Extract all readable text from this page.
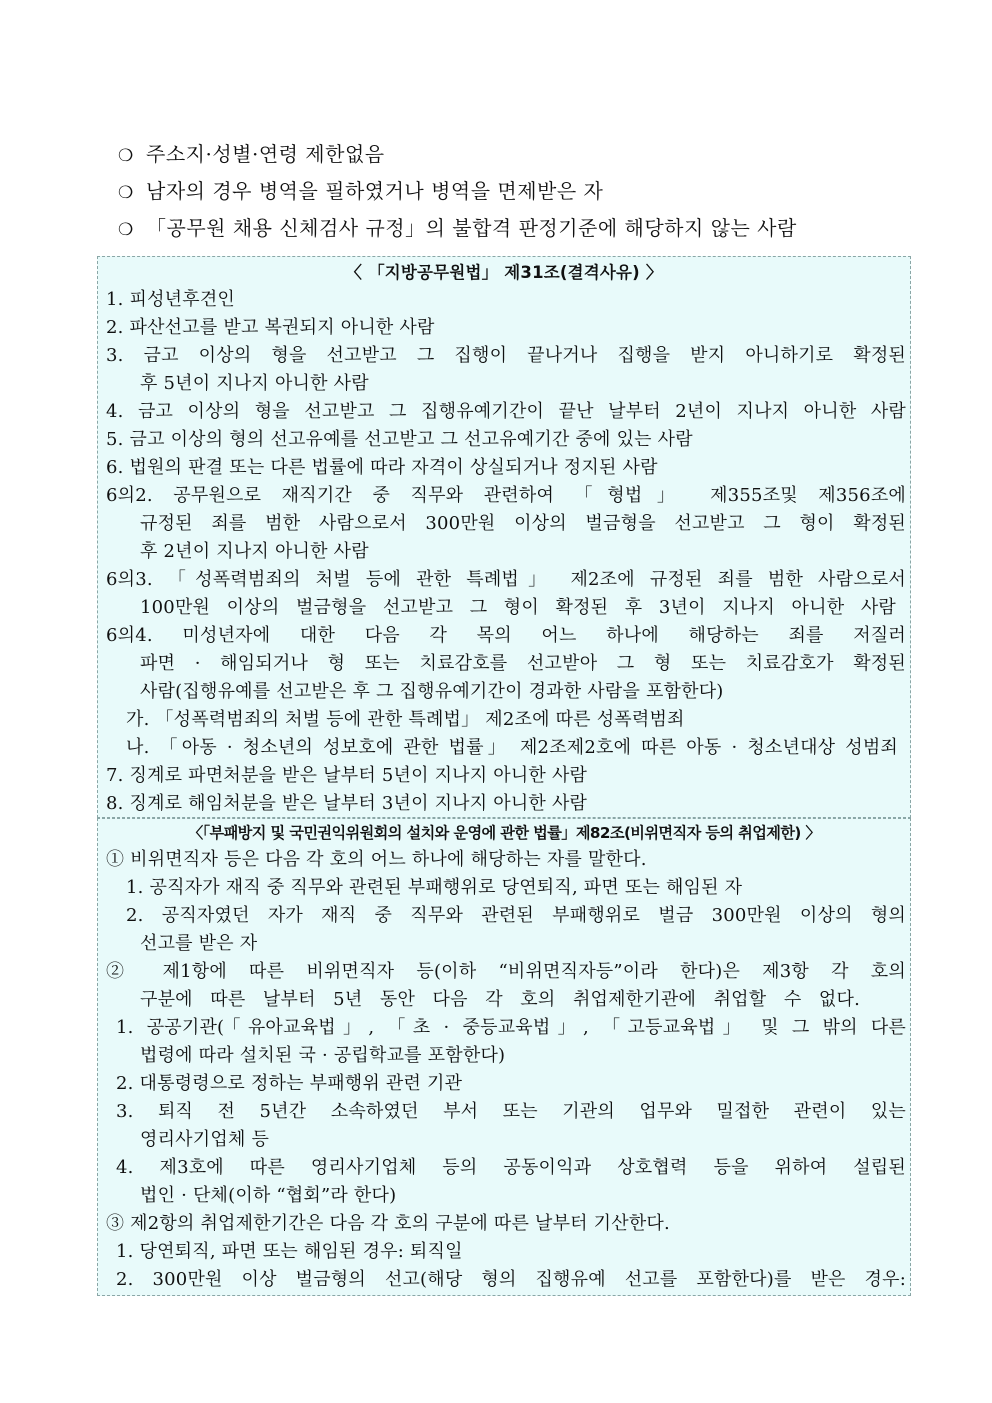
❍ 주소지·성별·연령 제한없음
❍ 남자의 경우 병역을 필하였거나 병역을 면제받은 자
❍ 「공무원 채용 신체검사 규정」의 불합격 판정기준에 해당하지 않는 사람
〈 「지방공무원법」 제31조(결격사유) 〉
1. 피성년후견인
2. 파산선고를 받고 복권되지 아니한 사람
3. 금고 이상의 형을 선고받고 그 집행이 끝나거나 집행을 받지 아니하기로 확정된
후 5년이 지나지 아니한 사람
4. 금고 이상의 형을 선고받고 그 집행유예기간이 끝난 날부터 2년이 지나지 아니한 사람
5. 금고 이상의 형의 선고유예를 선고받고 그 선고유예기간 중에 있는 사람
6. 법원의 판결 또는 다른 법률에 따라 자격이 상실되거나 정지된 사람
6의2. 공무원으로 재직기간 중 직무와 관련하여 「형법」 제355조및 제356조에
규정된 죄를 범한 사람으로서 300만원 이상의 벌금형을 선고받고 그 형이 확정된
후 2년이 지나지 아니한 사람
6의3. 「성폭력범죄의 처벌 등에 관한 특례법」 제2조에 규정된 죄를 범한 사람으로서
100만원 이상의 벌금형을 선고받고 그 형이 확정된 후 3년이 지나지 아니한 사람
6의4. 미성년자에 대한 다음 각 목의 어느 하나에 해당하는 죄를 저질러
파면 · 해임되거나 형 또는 치료감호를 선고받아 그 형 또는 치료감호가 확정된
사람(집행유예를 선고받은 후 그 집행유예기간이 경과한 사람을 포함한다)
가. 「성폭력범죄의 처벌 등에 관한 특례법」 제2조에 따른 성폭력범죄
나. 「아동 · 청소년의 성보호에 관한 법률」 제2조제2호에 따른 아동 · 청소년대상 성범죄
7. 징계로 파면처분을 받은 날부터 5년이 지나지 아니한 사람
8. 징계로 해임처분을 받은 날부터 3년이 지나지 아니한 사람
〈「부패방지 및 국민권익위원회의 설치와 운영에 관한 법률」제82조(비위면직자 등의 취업제한) 〉
① 비위면직자 등은 다음 각 호의 어느 하나에 해당하는 자를 말한다.
1. 공직자가 재직 중 직무와 관련된 부패행위로 당연퇴직, 파면 또는 해임된 자
2. 공직자였던 자가 재직 중 직무와 관련된 부패행위로 벌금 300만원 이상의 형의
선고를 받은 자
② 제1항에 따른 비위면직자 등(이하 “비위면직자등”이라 한다)은 제3항 각 호의
구분에 따른 날부터 5년 동안 다음 각 호의 취업제한기관에 취업할 수 없다.
1. 공공기관(「유아교육법」, 「초 · 중등교육법」, 「고등교육법」 및 그 밖의 다른
법령에 따라 설치된 국 · 공립학교를 포함한다)
2. 대통령령으로 정하는 부패행위 관련 기관
3. 퇴직 전 5년간 소속하였던 부서 또는 기관의 업무와 밀접한 관련이 있는
영리사기업체 등
4. 제3호에 따른 영리사기업체 등의 공동이익과 상호협력 등을 위하여 설립된
법인 · 단체(이하 “협회”라 한다)
③ 제2항의 취업제한기간은 다음 각 호의 구분에 따른 날부터 기산한다.
1. 당연퇴직, 파면 또는 해임된 경우: 퇴직일
2. 300만원 이상 벌금형의 선고(해당 형의 집행유예 선고를 포함한다)를 받은 경우:
